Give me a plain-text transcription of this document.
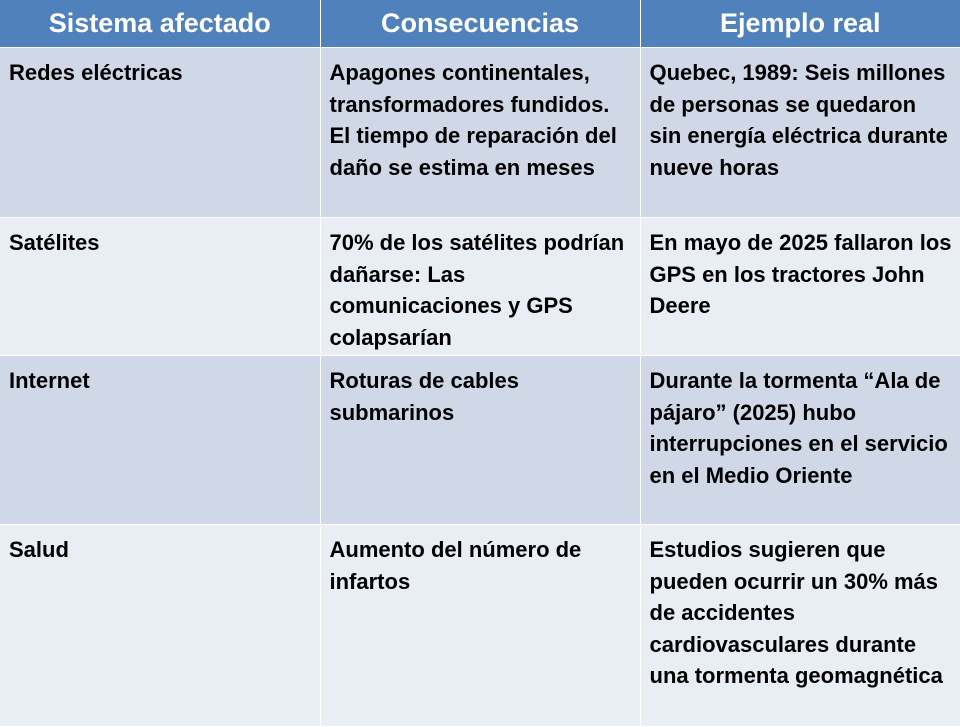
Sistema afectado	Consecuencias	Ejemplo real
Redes eléctricas	Apagones continentales, transformadores fundidos. El tiempo de reparación del daño se estima en meses	Quebec, 1989: Seis millones de personas se quedaron sin energía eléctrica durante nueve horas
Satélites	70% de los satélites podrían dañarse: Las comunicaciones y GPS colapsarían	En mayo de 2025 fallaron los GPS en los tractores John Deere
Internet	Roturas de cables submarinos	Durante la tormenta “Ala de pájaro” (2025) hubo interrupciones en el servicio en el Medio Oriente
Salud	Aumento del número de infartos	Estudios sugieren que pueden ocurrir un 30% más de accidentes cardiovasculares durante una tormenta geomagnética
